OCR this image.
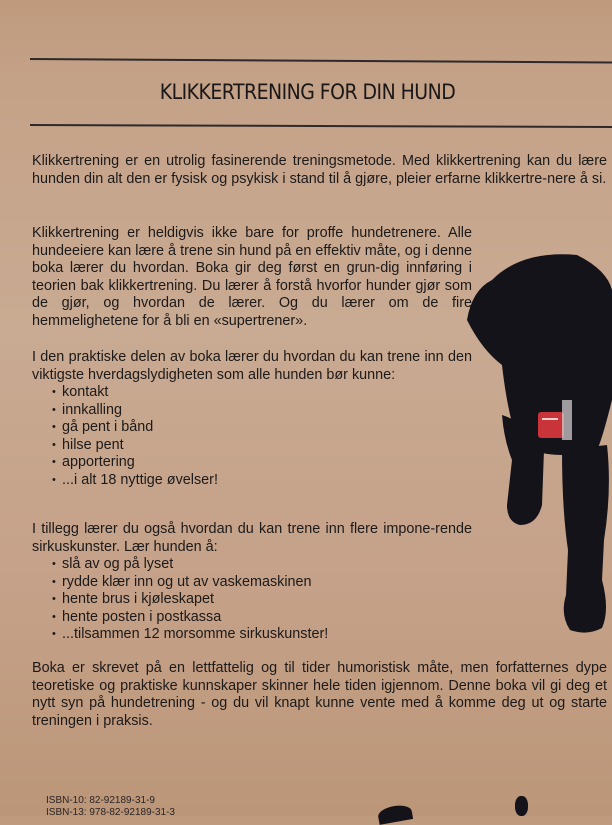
KLIKKERTRENING FOR DIN HUND

Klikkertrening er en utrolig fasinerende treningsmetode. Med klikkertrening kan du lære hunden din alt den er fysisk og psykisk i stand til å gjøre, pleier erfarne klikkertre-nere å si.

Klikkertrening er heldigvis ikke bare for proffe hundetrenere. Alle hundeeiere kan lære å trene sin hund på en effektiv måte, og i denne boka lærer du hvordan. Boka gir deg først en grun-dig innføring i teorien bak klikkertrening. Du lærer å forstå hvorfor hunder gjør som de gjør, og hvordan de lærer. Og du lærer om de fire hemmelighetene for å bli en «supertrener».

I den praktiske delen av boka lærer du hvordan du kan trene inn den viktigste hverdagslydigheten som alle hunden bør kunne:
• kontakt
• innkalling
• gå pent i bånd
• hilse pent
• apportering
• ...i alt 18 nyttige øvelser!
I tillegg lærer du også hvordan du kan trene inn flere impone-rende sirkuskunster. Lær hunden å:
• slå av og på lyset
• rydde klær inn og ut av vaskemaskinen
• hente brus i kjøleskapet
• hente posten i postkassa
• ...tilsammen 12 morsomme sirkuskunster!

Boka er skrevet på en lettfattelig og til tider humoristisk måte, men forfatternes dype teoretiske og praktiske kunnskaper skinner hele tiden igjennom. Denne boka vil gi deg et nytt syn på hundetrening - og du vil knapt kunne vente med å komme deg ut og starte treningen i praksis.

ISBN-10: 82-92189-31-9
ISBN-13: 978-82-92189-31-3
